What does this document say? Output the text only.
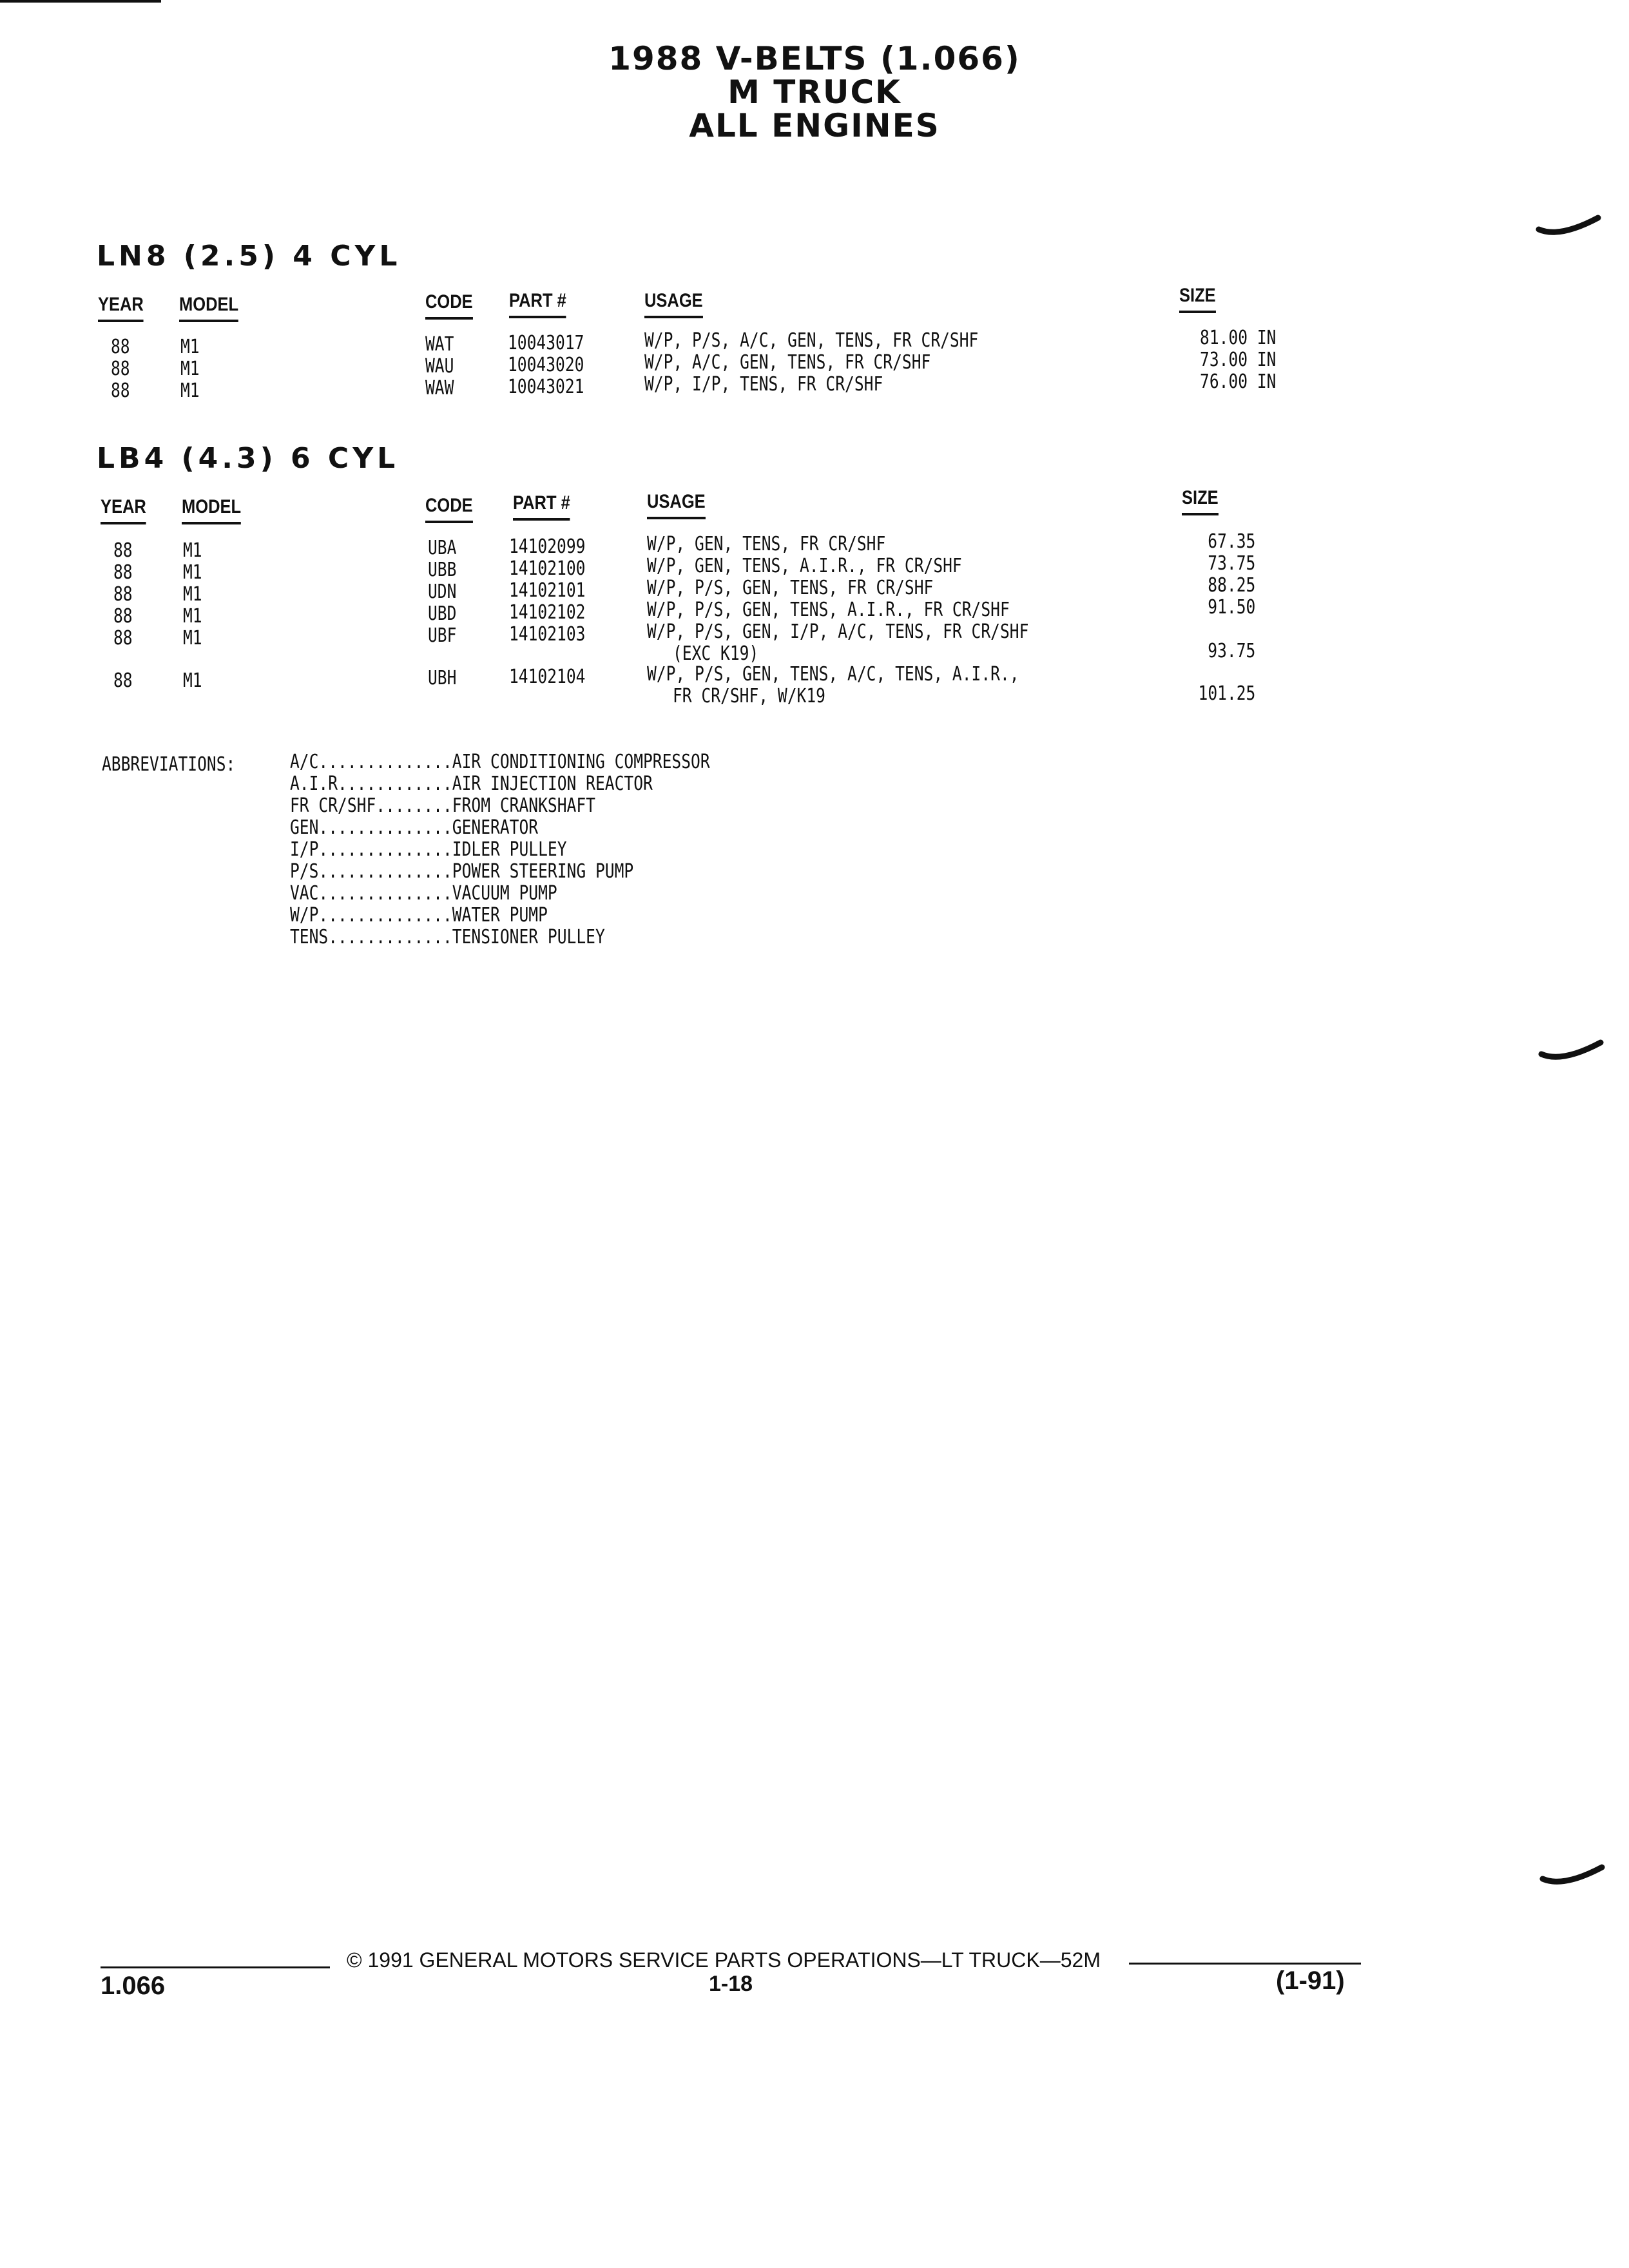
1988 V-BELTS (1.066)
M TRUCK
ALL ENGINES
LN8 (2.5) 4 CYL
YEAR MODEL	CODE PART #	USAGE	SIZE
88	M1	WAT	10043017	W/P, P/S, A/C, GEN, TENS, FR CR/SHF	81.00 IN
88	M1	WAU	10043020	W/P, A/C, GEN, TENS, FR CR/SHF	73.00 IN
88	M1	WAW	10043021	W/P, I/P, TENS, FR CR/SHF	76.00 IN
LB4 (4.3) 6 CYL
YEAR MODEL	CODE PART #	USAGE	SIZE
88	M1	UBA	14102099	W/P, GEN, TENS, FR CR/SHF	67.35
88	M1	UBB	14102100	W/P, GEN, TENS, A.I.R., FR CR/SHF	73.75
88	M1	UDN	14102101	W/P, P/S, GEN, TENS, FR CR/SHF	88.25
88	M1	UBD	14102102	W/P, P/S, GEN, TENS, A.I.R., FR CR/SHF	91.50
88	M1	UBF	14102103	W/P, P/S, GEN, I/P, A/C, TENS, FR CR/SHF
(EXC K19)	93.75
88	M1	UBH	14102104	W/P, P/S, GEN, TENS, A/C, TENS, A.I.R.,
FR CR/SHF, W/K19	101.25
ABBREVIATIONS:	A/C..............AIR CONDITIONING COMPRESSOR
A.I.R............AIR INJECTION REACTOR
FR CR/SHF........FROM CRANKSHAFT
GEN..............GENERATOR
I/P..............IDLER PULLEY
P/S..............POWER STEERING PUMP
VAC..............VACUUM PUMP
W/P..............WATER PUMP
TENS.............TENSIONER PULLEY
© 1991 GENERAL MOTORS SERVICE PARTS OPERATIONS—LT TRUCK—52M
1.066	1-18	(1-91)
